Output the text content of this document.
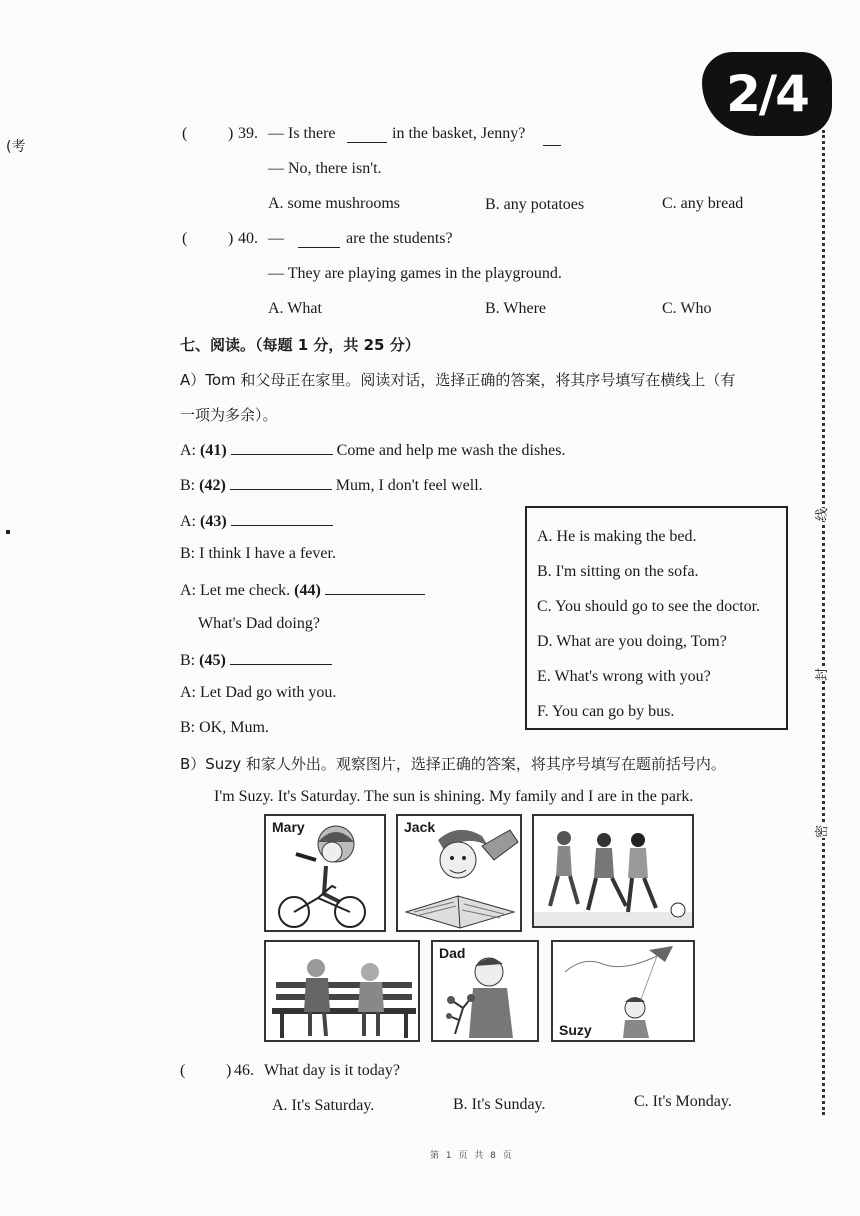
2/4
(考
线
封
密
(	) 39. — Is there	in the basket, Jenny?
— No, there isn't.
A. some mushrooms	B. any potatoes	C. any bread
(	) 40. —	are the students?
— They are playing games in the playground.
A. What	B. Where	C. Who
七、阅读。（每题 1 分，共 25 分）
A）Tom 和父母正在家里。阅读对话，选择正确的答案，将其序号填写在横线上（有
一项为多余）。
A: (41)	Come and help me wash the dishes.
B: (42)	Mum, I don't feel well.
A: (43)
B: I think I have a fever.
A: Let me check. (44)
What's Dad doing?
B: (45)
A: Let Dad go with you.
B: OK, Mum.
A. He is making the bed.
B. I'm sitting on the sofa.
C. You should go to see the doctor.
D. What are you doing, Tom?
E. What's wrong with you?
F. You can go by bus.
B）Suzy 和家人外出。观察图片，选择正确的答案，将其序号填写在题前括号内。
I'm Suzy. It's Saturday. The sun is shining. My family and I are in the park.
Mary	Jack
Dad
Suzy
(	) 46. What day is it today?
A. It's Saturday.	B. It's Sunday.	C. It's Monday.
第 1 页 共 8 页
